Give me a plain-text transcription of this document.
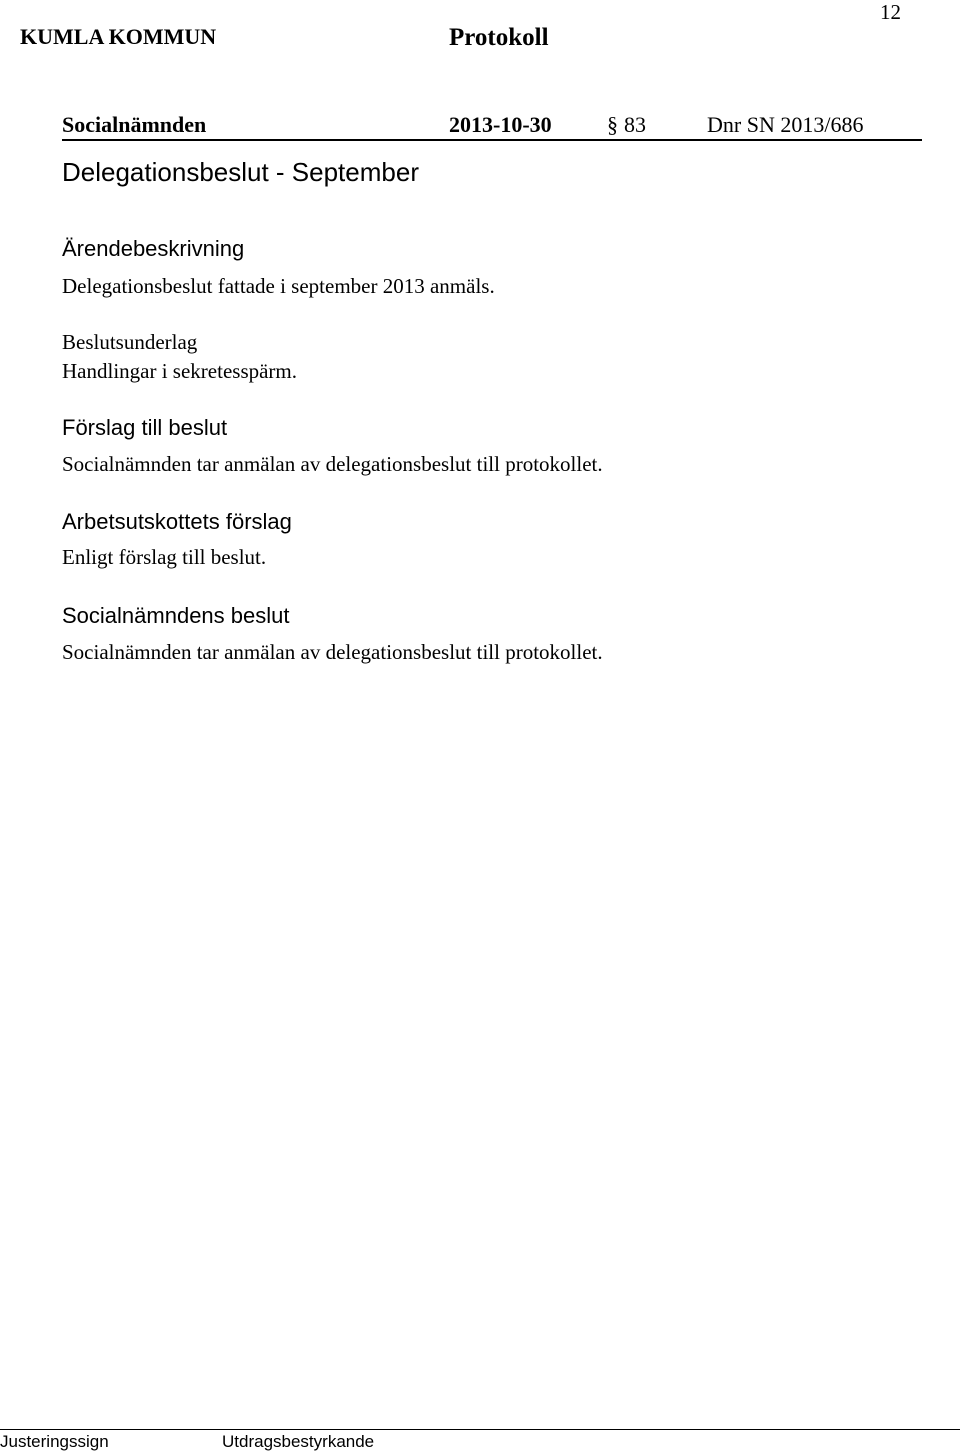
12
KUMLA KOMMUN	Protokoll
Socialnämnden	2013-10-30	§ 83	Dnr SN 2013/686
Delegationsbeslut - September
Ärendebeskrivning
Delegationsbeslut fattade i september 2013 anmäls.
Beslutsunderlag
Handlingar i sekretesspärm.
Förslag till beslut
Socialnämnden tar anmälan av delegationsbeslut till protokollet.
Arbetsutskottets förslag
Enligt förslag till beslut.
Socialnämndens beslut
Socialnämnden tar anmälan av delegationsbeslut till protokollet.
Justeringssign	Utdragsbestyrkande
